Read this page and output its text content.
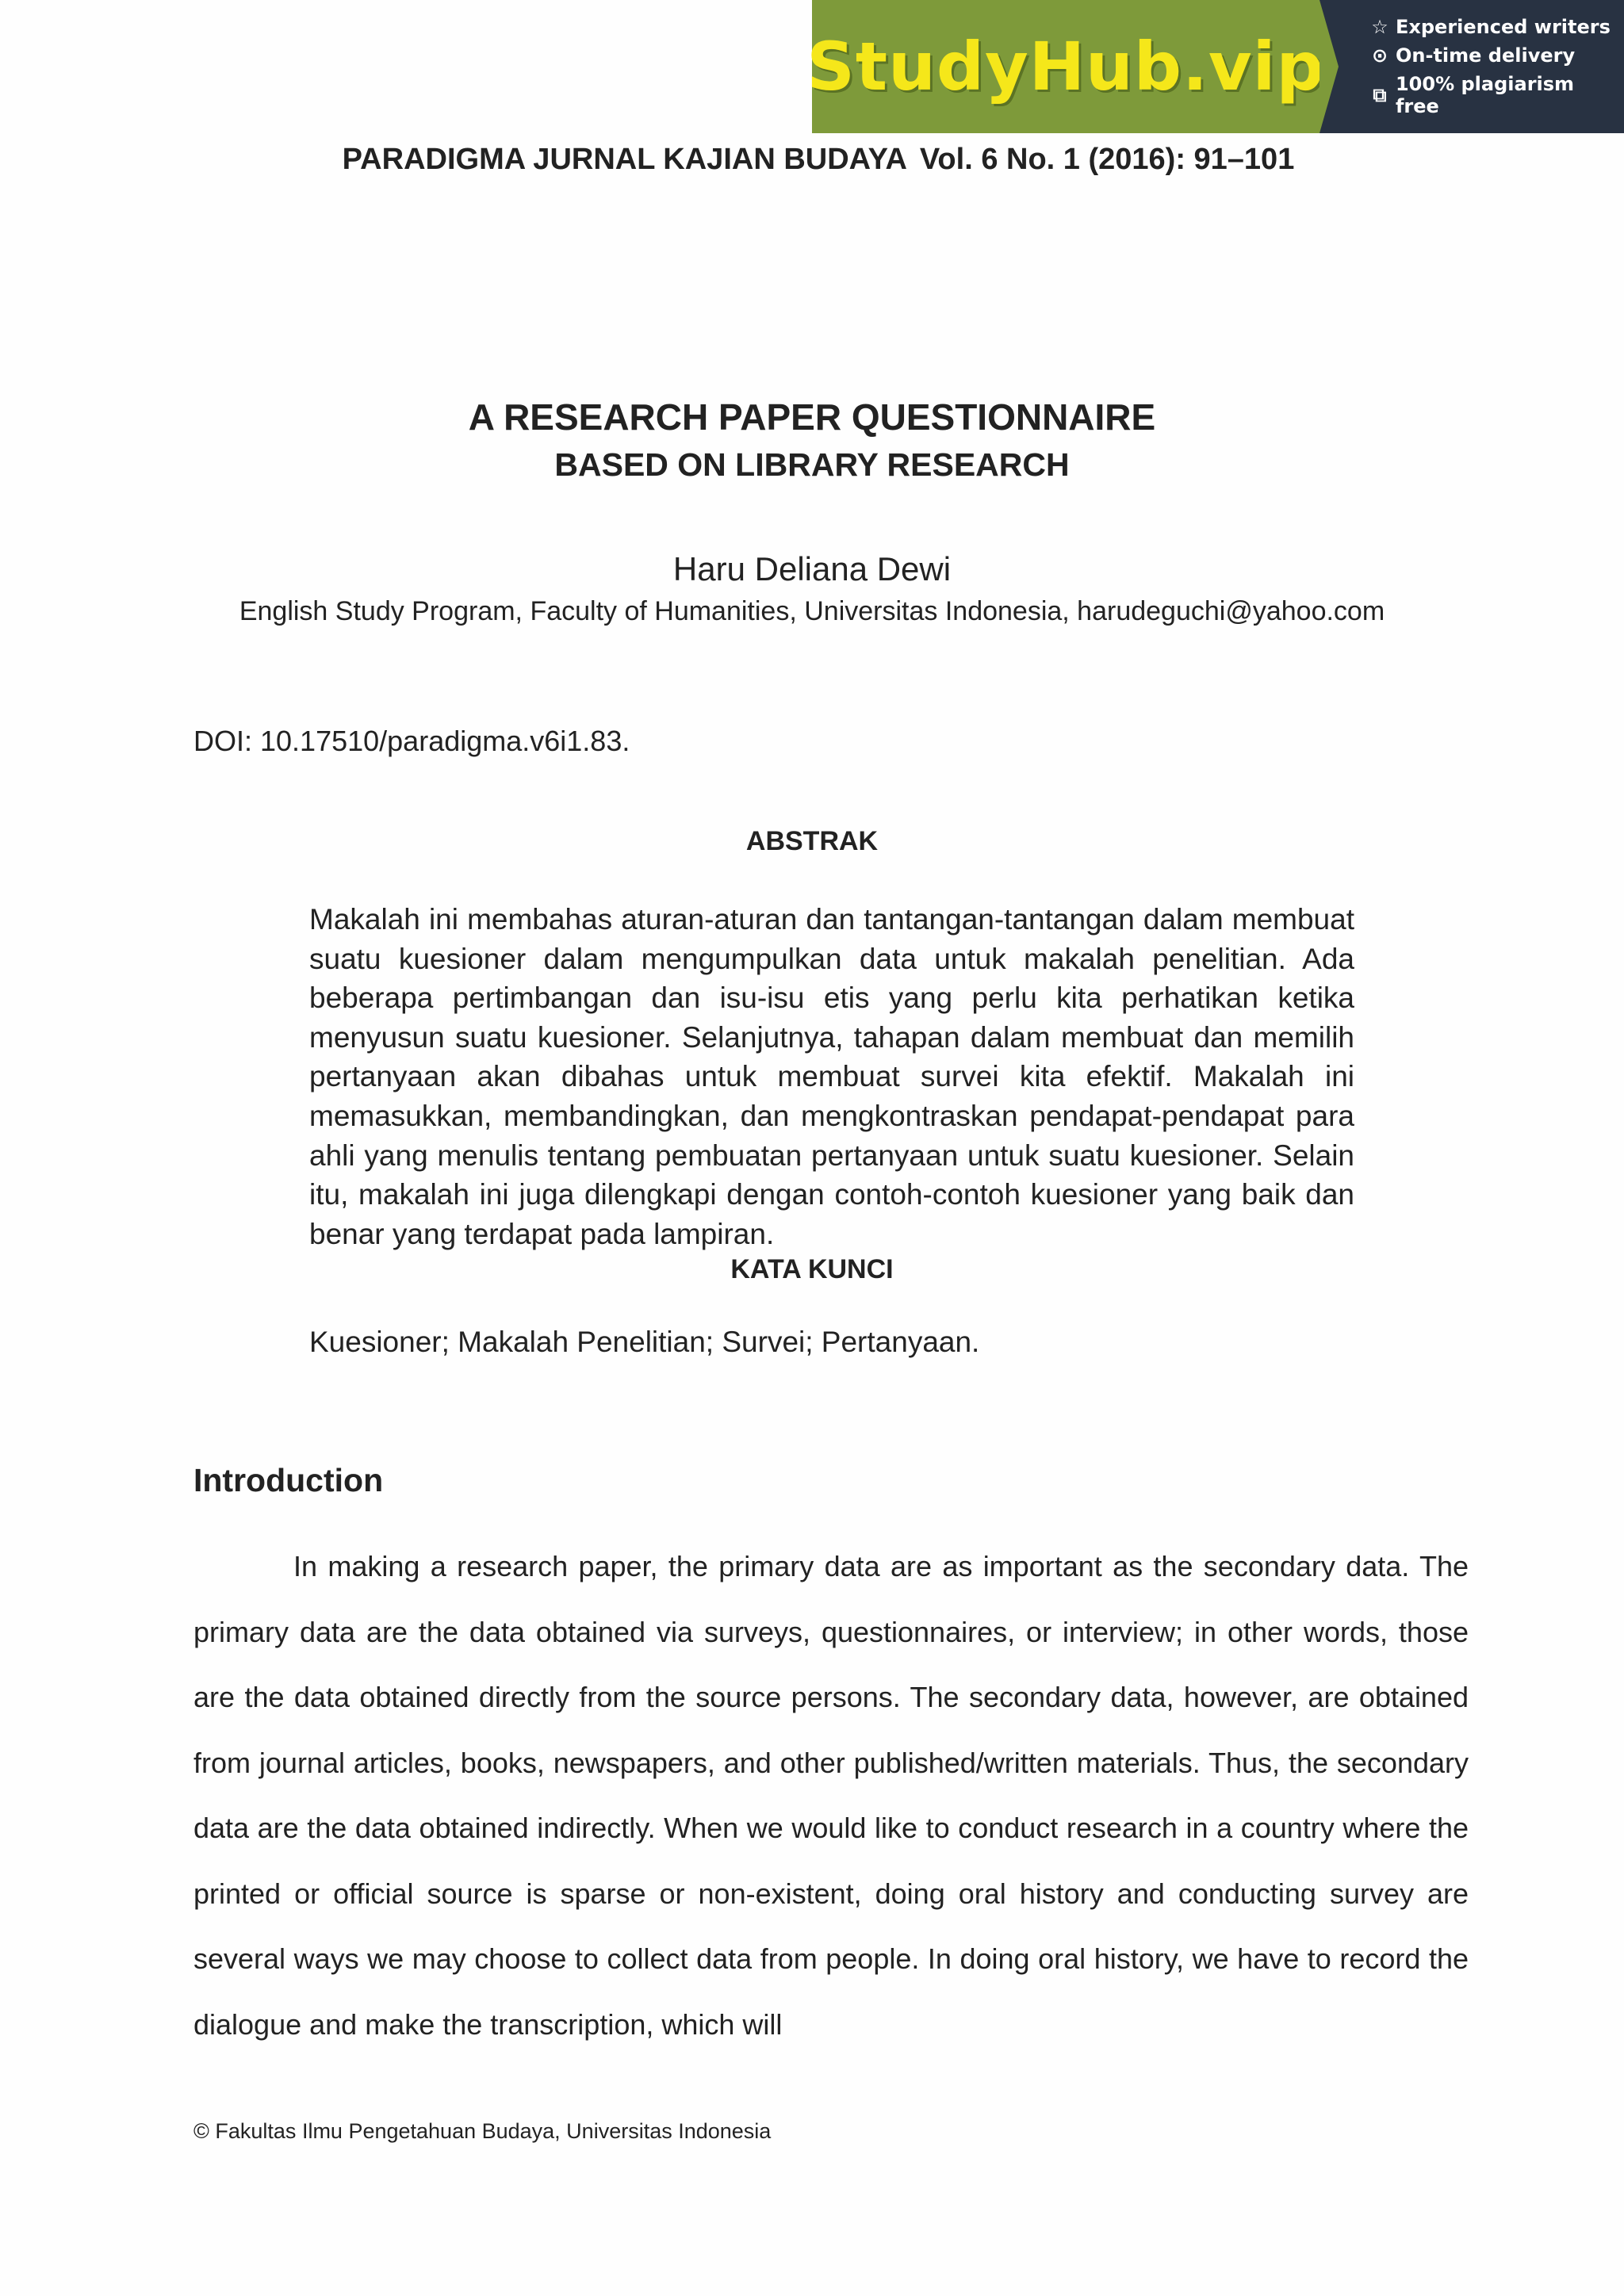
StudyHub.vip
☆ Experienced writers
⊙ On-time delivery
⧉ 100% plagiarism free
PARADIGMA JURNAL KAJIAN BUDAYA Vol. 6 No. 1 (2016): 91–101
A RESEARCH PAPER QUESTIONNAIRE
BASED ON LIBRARY RESEARCH
Haru Deliana Dewi
English Study Program, Faculty of Humanities, Universitas Indonesia, harudeguchi@yahoo.com
DOI: 10.17510/paradigma.v6i1.83.
ABSTRAK
Makalah ini membahas aturan-aturan dan tantangan-tantangan dalam membuat suatu kuesioner dalam mengumpulkan data untuk makalah penelitian. Ada beberapa pertimbangan dan isu-isu etis yang perlu kita perhatikan ketika menyusun suatu kuesioner. Selanjutnya, tahapan dalam membuat dan memilih pertanyaan akan dibahas untuk membuat survei kita efektif. Makalah ini memasukkan, membandingkan, dan mengkontraskan pendapat-pendapat para ahli yang menulis tentang pembuatan pertanyaan untuk suatu kuesioner. Selain itu, makalah ini juga dilengkapi dengan contoh-contoh kuesioner yang baik dan benar yang terdapat pada lampiran.
KATA KUNCI
Kuesioner; Makalah Penelitian; Survei; Pertanyaan.
Introduction
In making a research paper, the primary data are as important as the secondary data. The primary data are the data obtained via surveys, questionnaires, or interview; in other words, those are the data obtained directly from the source persons. The secondary data, however, are obtained from journal articles, books, newspapers, and other published/written materials. Thus, the secondary data are the data obtained indirectly. When we would like to conduct research in a country where the printed or official source is sparse or non-existent, doing oral history and conducting survey are several ways we may choose to collect data from people. In doing oral history, we have to record the dialogue and make the transcription, which will
© Fakultas Ilmu Pengetahuan Budaya, Universitas Indonesia
